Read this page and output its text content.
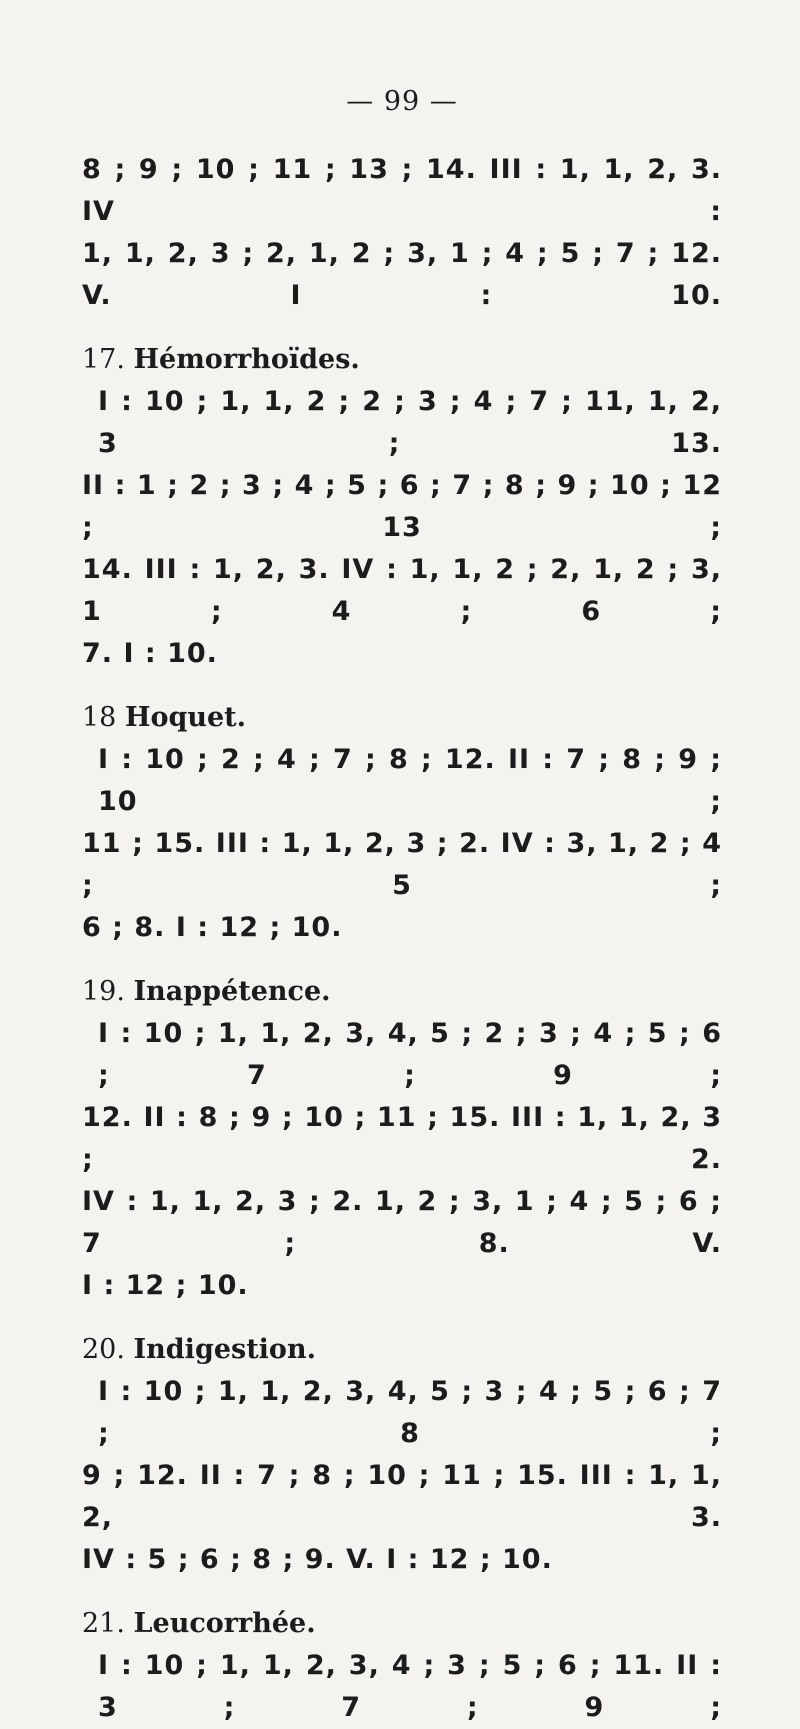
— 99 —
8 ; 9 ; 10 ; 11 ; 13 ; 14. III : 1, 1, 2, 3. IV :
1, 1, 2, 3 ; 2, 1, 2 ; 3, 1 ; 4 ; 5 ; 7 ; 12. V. I : 10.
17. Hémorrhoïdes.
I : 10 ; 1, 1, 2 ; 2 ; 3 ; 4 ; 7 ; 11, 1, 2, 3 ; 13.
II : 1 ; 2 ; 3 ; 4 ; 5 ; 6 ; 7 ; 8 ; 9 ; 10 ; 12 ; 13 ;
14. III : 1, 2, 3. IV : 1, 1, 2 ; 2, 1, 2 ; 3, 1 ; 4 ; 6 ;
7. I : 10.
18 Hoquet.
I : 10 ; 2 ; 4 ; 7 ; 8 ; 12. II : 7 ; 8 ; 9 ; 10 ;
11 ; 15. III : 1, 1, 2, 3 ; 2. IV : 3, 1, 2 ; 4 ; 5 ;
6 ; 8. I : 12 ; 10.
19. Inappétence.
I : 10 ; 1, 1, 2, 3, 4, 5 ; 2 ; 3 ; 4 ; 5 ; 6 ; 7 ; 9 ;
12. II : 8 ; 9 ; 10 ; 11 ; 15. III : 1, 1, 2, 3 ; 2.
IV : 1, 1, 2, 3 ; 2. 1, 2 ; 3, 1 ; 4 ; 5 ; 6 ; 7 ; 8. V.
I : 12 ; 10.
20. Indigestion.
I : 10 ; 1, 1, 2, 3, 4, 5 ; 3 ; 4 ; 5 ; 6 ; 7 ; 8 ;
9 ; 12. II : 7 ; 8 ; 10 ; 11 ; 15. III : 1, 1, 2, 3.
IV : 5 ; 6 ; 8 ; 9. V. I : 12 ; 10.
21. Leucorrhée.
I : 10 ; 1, 1, 2, 3, 4 ; 3 ; 5 ; 6 ; 11. II : 3 ; 7 ; 9 ;
